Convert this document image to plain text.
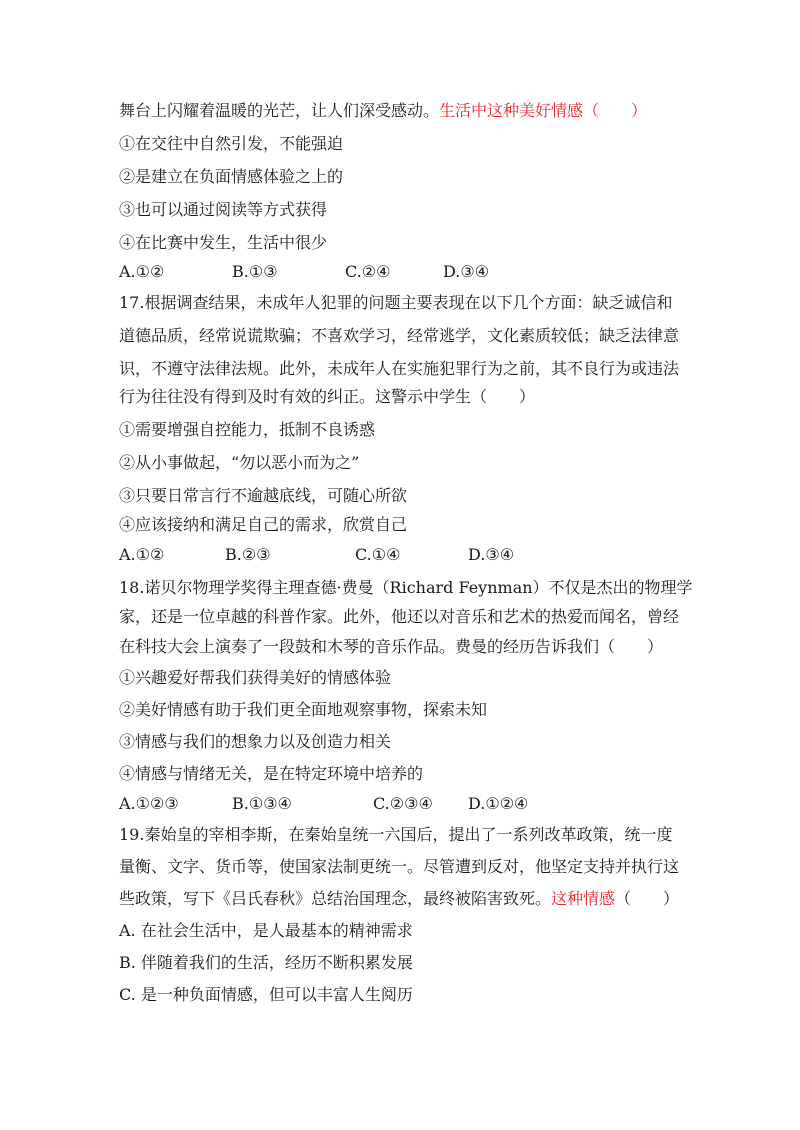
舞台上闪耀着温暖的光芒，让人们深受感动。生活中这种美好情感（　　）
①在交往中自然引发，不能强迫
②是建立在负面情感体验之上的
③也可以通过阅读等方式获得
④在比赛中发生，生活中很少
A.①②	B.①③	C.②④	D.③④
17.根据调查结果，未成年人犯罪的问题主要表现在以下几个方面：缺乏诚信和
道德品质，经常说谎欺骗；不喜欢学习，经常逃学，文化素质较低；缺乏法律意
识，不遵守法律法规。此外，未成年人在实施犯罪行为之前，其不良行为或违法
行为往往没有得到及时有效的纠正。这警示中学生（　　）
①需要增强自控能力，抵制不良诱惑
②从小事做起，“勿以恶小而为之”
③只要日常言行不逾越底线，可随心所欲
④应该接纳和满足自己的需求，欣赏自己
A.①②	B.②③	C.①④	D.③④
18.诺贝尔物理学奖得主理查德·费曼（Richard Feynman）不仅是杰出的物理学
家，还是一位卓越的科普作家。此外，他还以对音乐和艺术的热爱而闻名，曾经
在科技大会上演奏了一段鼓和木琴的音乐作品。费曼的经历告诉我们（　　）
①兴趣爱好帮我们获得美好的情感体验
②美好情感有助于我们更全面地观察事物，探索未知
③情感与我们的想象力以及创造力相关
④情感与情绪无关，是在特定环境中培养的
A.①②③	B.①③④	C.②③④ D.①②④
19.秦始皇的宰相李斯，在秦始皇统一六国后，提出了一系列改革政策，统一度
量衡、文字、货币等，使国家法制更统一。尽管遭到反对，他坚定支持并执行这
些政策，写下《吕氏春秋》总结治国理念，最终被陷害致死。这种情感（　　）
A. 在社会生活中，是人最基本的精神需求
B. 伴随着我们的生活，经历不断积累发展
C. 是一种负面情感，但可以丰富人生阅历
